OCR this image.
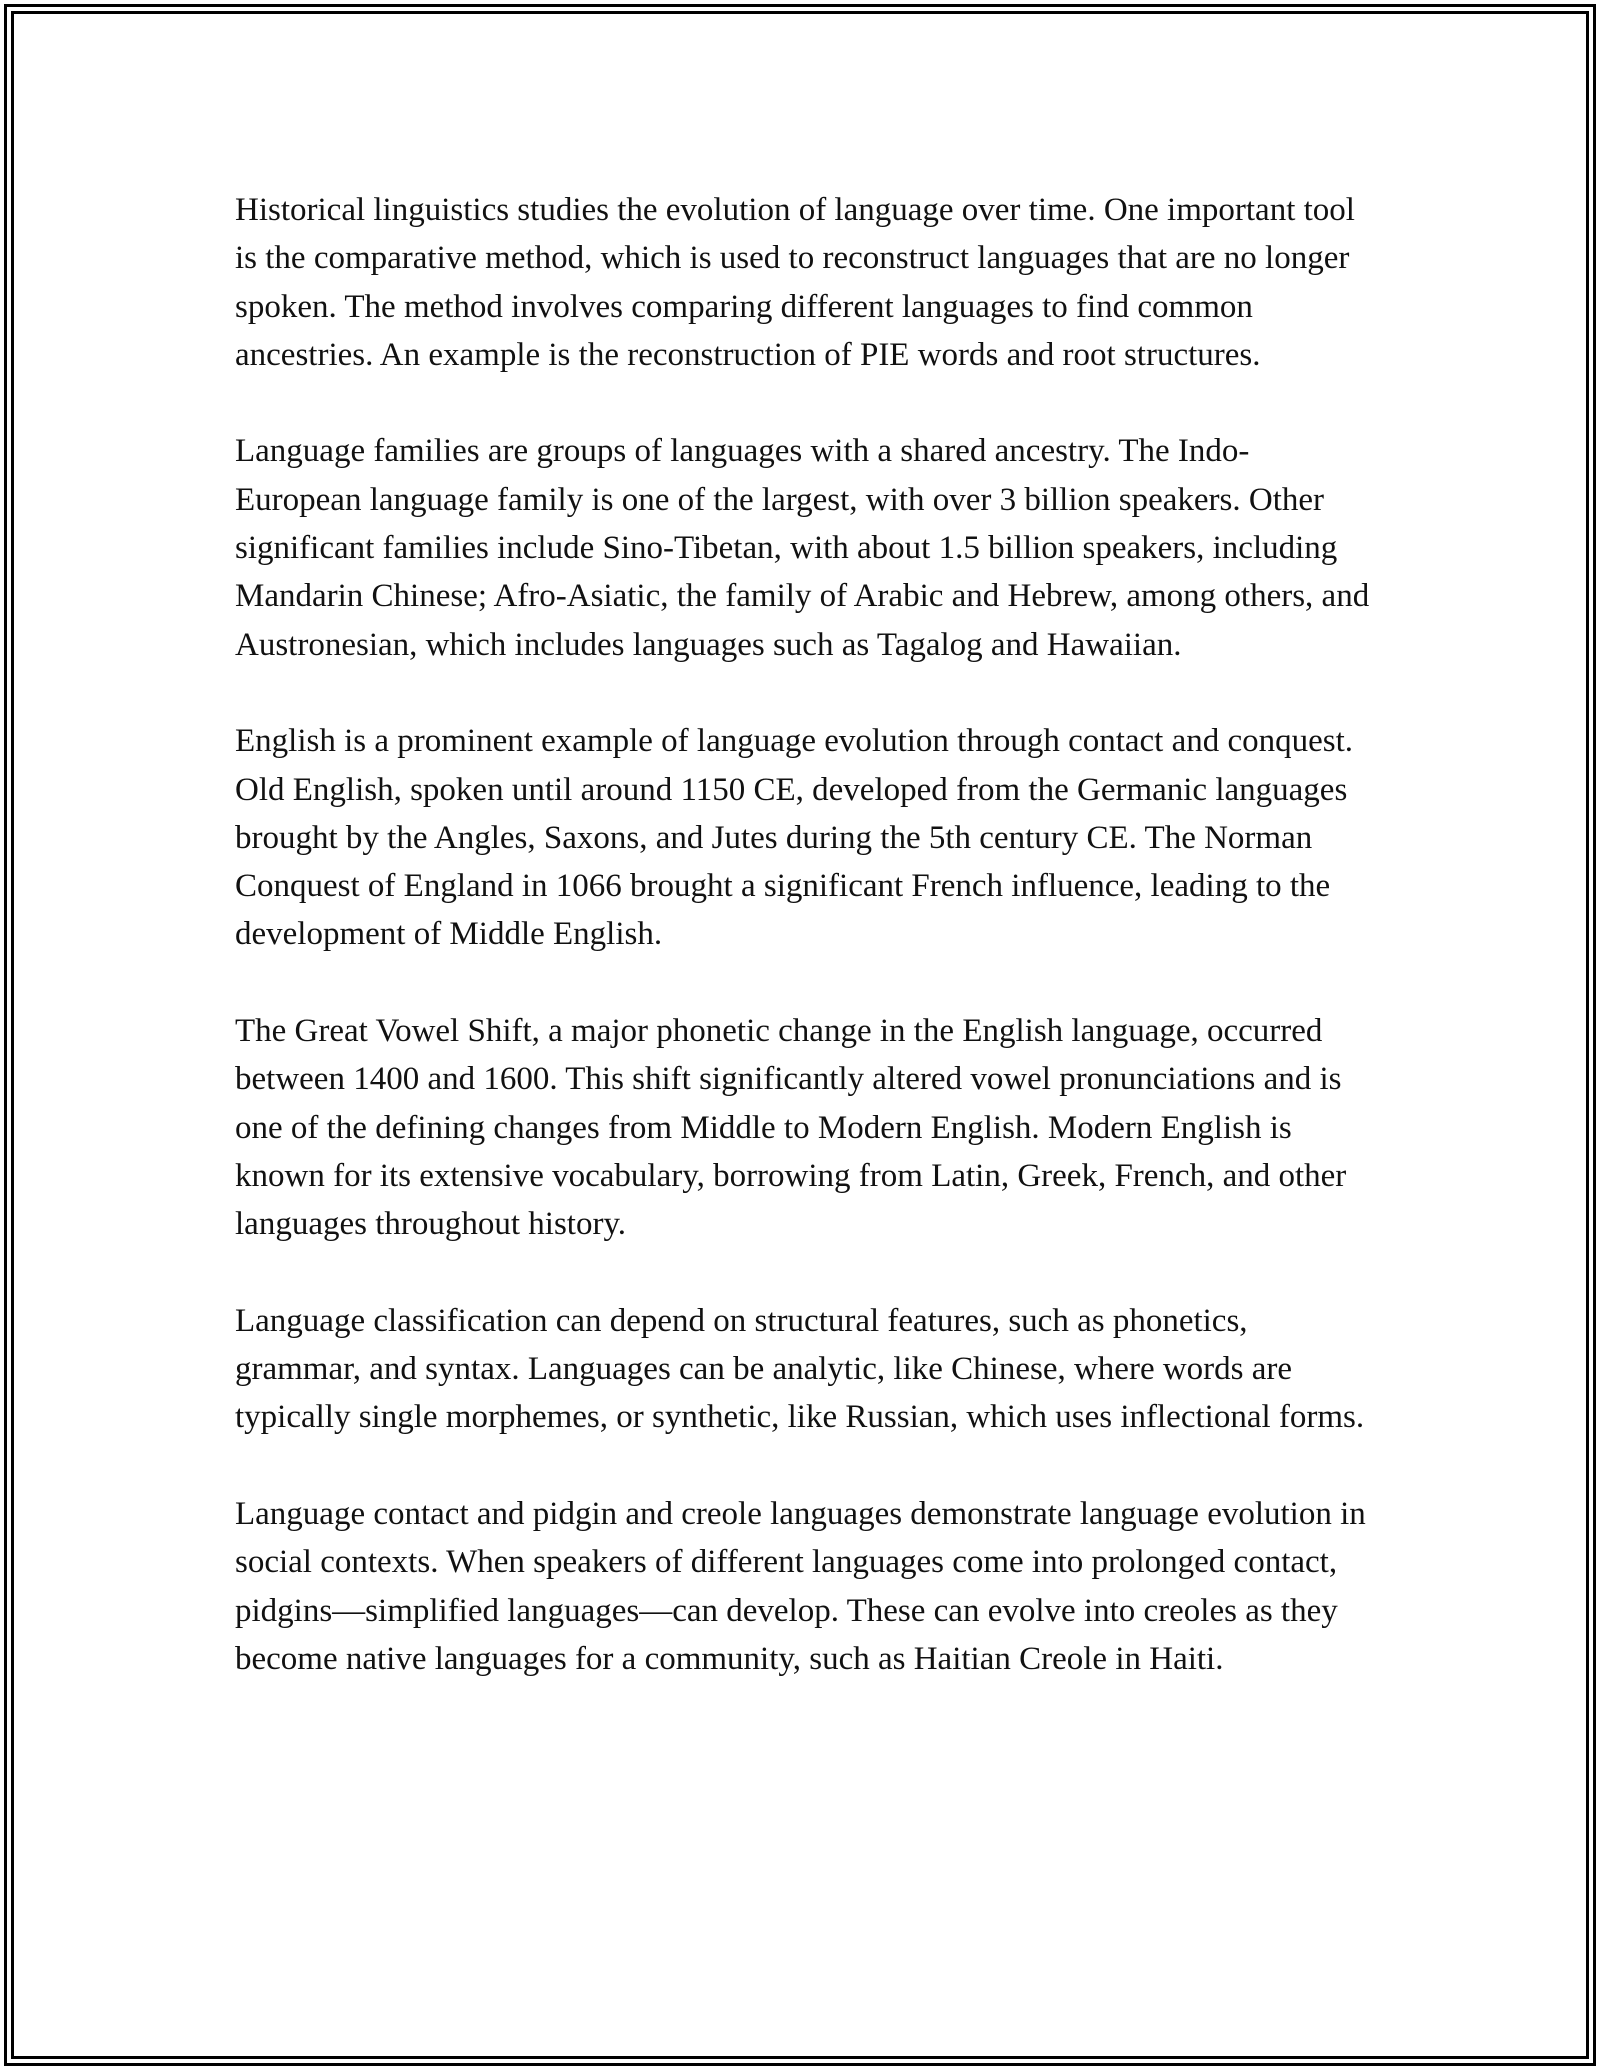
Historical linguistics studies the evolution of language over time. One important tool is the comparative method, which is used to reconstruct languages that are no longer spoken. The method involves comparing different languages to find common ancestries. An example is the reconstruction of PIE words and root structures.

Language families are groups of languages with a shared ancestry. The Indo-European language family is one of the largest, with over 3 billion speakers. Other significant families include Sino-Tibetan, with about 1.5 billion speakers, including Mandarin Chinese; Afro-Asiatic, the family of Arabic and Hebrew, among others, and Austronesian, which includes languages such as Tagalog and Hawaiian.

English is a prominent example of language evolution through contact and conquest. Old English, spoken until around 1150 CE, developed from the Germanic languages brought by the Angles, Saxons, and Jutes during the 5th century CE. The Norman Conquest of England in 1066 brought a significant French influence, leading to the development of Middle English.

The Great Vowel Shift, a major phonetic change in the English language, occurred between 1400 and 1600. This shift significantly altered vowel pronunciations and is one of the defining changes from Middle to Modern English. Modern English is known for its extensive vocabulary, borrowing from Latin, Greek, French, and other languages throughout history.

Language classification can depend on structural features, such as phonetics, grammar, and syntax. Languages can be analytic, like Chinese, where words are typically single morphemes, or synthetic, like Russian, which uses inflectional forms.

Language contact and pidgin and creole languages demonstrate language evolution in social contexts. When speakers of different languages come into prolonged contact, pidgins—simplified languages—can develop. These can evolve into creoles as they become native languages for a community, such as Haitian Creole in Haiti.
